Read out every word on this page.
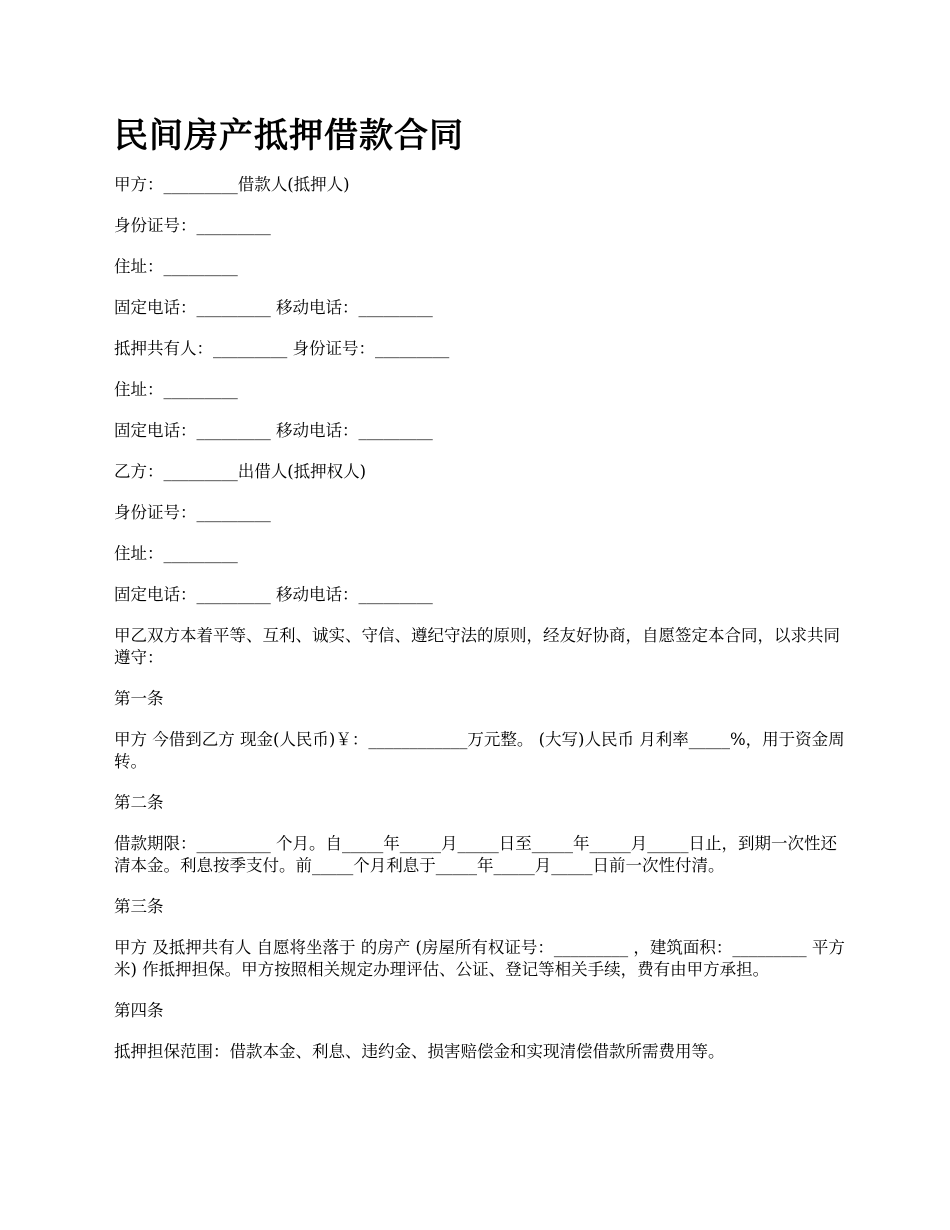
民间房产抵押借款合同

甲方：_________借款人(抵押人)

身份证号：_________

住址：_________

固定电话：_________ 移动电话：_________

抵押共有人：_________ 身份证号：_________

住址：_________

固定电话：_________ 移动电话：_________

乙方：_________出借人(抵押权人)

身份证号：_________

住址：_________

固定电话：_________ 移动电话：_________

甲乙双方本着平等、互利、诚实、守信、遵纪守法的原则，经友好协商，自愿签定本合同，以求共同遵守：

第一条

甲方 今借到乙方 现金(人民币)￥：____________万元整。 (大写)人民币 月利率_____%，用于资金周转。

第二条

借款期限：_________ 个月。自_____年_____月_____日至_____年_____月_____日止，到期一次性还清本金。利息按季支付。前_____个月利息于_____年_____月_____日前一次性付清。

第三条

甲方 及抵押共有人 自愿将坐落于 的房产 (房屋所有权证号：_________ ，建筑面积：_________ 平方米) 作抵押担保。甲方按照相关规定办理评估、公证、登记等相关手续，费有由甲方承担。

第四条

抵押担保范围：借款本金、利息、违约金、损害赔偿金和实现清偿借款所需费用等。
